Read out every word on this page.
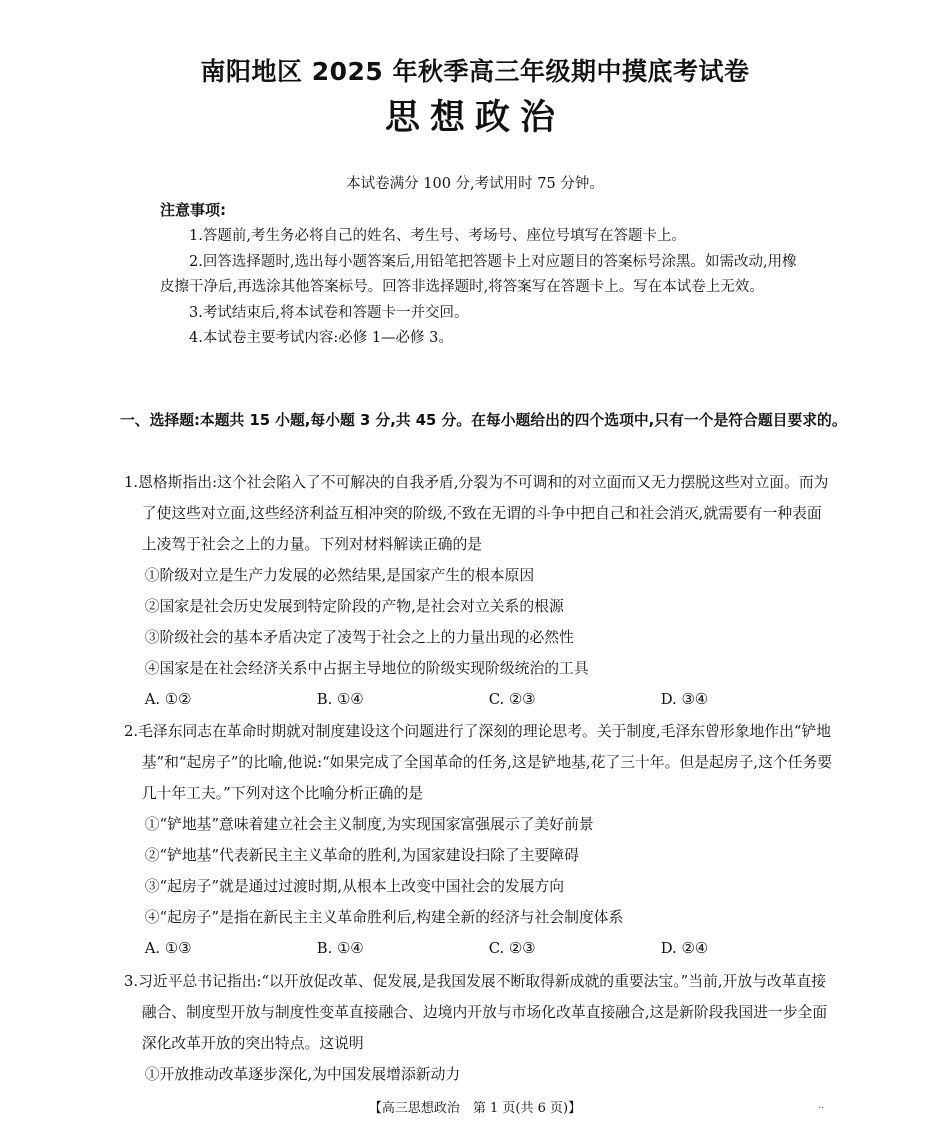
南阳地区 2025 年秋季高三年级期中摸底考试卷
思想政治
本试卷满分 100 分,考试用时 75 分钟。
注意事项:

1.答题前,考生务必将自己的姓名、考生号、考场号、座位号填写在答题卡上。

2.回答选择题时,选出每小题答案后,用铅笔把答题卡上对应题目的答案标号涂黑。如需改动,用橡皮擦干净后,再选涂其他答案标号。回答非选择题时,将答案写在答题卡上。写在本试卷上无效。

3.考试结束后,将本试卷和答题卡一并交回。

4.本试卷主要考试内容:必修 1—必修 3。

一、选择题:本题共 15 小题,每小题 3 分,共 45 分。在每小题给出的四个选项中,只有一个是符合题目要求的。

1.恩格斯指出:这个社会陷入了不可解决的自我矛盾,分裂为不可调和的对立面而又无力摆脱这些对立面。而为了使这些对立面,这些经济利益互相冲突的阶级,不致在无谓的斗争中把自己和社会消灭,就需要有一种表面上凌驾于社会之上的力量。下列对材料解读正确的是

①阶级对立是生产力发展的必然结果,是国家产生的根本原因

②国家是社会历史发展到特定阶段的产物,是社会对立关系的根源

③阶级社会的基本矛盾决定了凌驾于社会之上的力量出现的必然性

④国家是在社会经济关系中占据主导地位的阶级实现阶级统治的工具

A. ①②	B. ①④	C. ②③	D. ③④

2.毛泽东同志在革命时期就对制度建设这个问题进行了深刻的理论思考。关于制度,毛泽东曾形象地作出“铲地基”和“起房子”的比喻,他说:“如果完成了全国革命的任务,这是铲地基,花了三十年。但是起房子,这个任务要几十年工夫。”下列对这个比喻分析正确的是

①“铲地基”意味着建立社会主义制度,为实现国家富强展示了美好前景

②“铲地基”代表新民主主义革命的胜利,为国家建设扫除了主要障碍

③“起房子”就是通过过渡时期,从根本上改变中国社会的发展方向

④“起房子”是指在新民主主义革命胜利后,构建全新的经济与社会制度体系

A. ①③	B. ①④	C. ②③	D. ②④

3.习近平总书记指出:“以开放促改革、促发展,是我国发展不断取得新成就的重要法宝。”当前,开放与改革直接融合、制度型开放与制度性变革直接融合、边境内开放与市场化改革直接融合,这是新阶段我国进一步全面深化改革开放的突出特点。这说明

①开放推动改革逐步深化,为中国发展增添新动力

【高三思想政治　第 1 页(共 6 页)】	..
